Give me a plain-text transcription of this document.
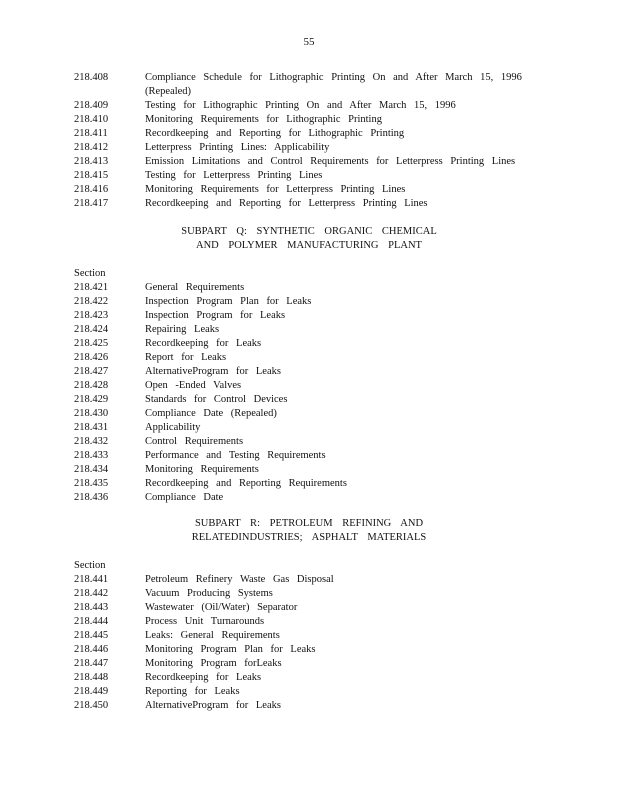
55
218.408	Compliance Schedule for Lithographic Printing On and After March 15, 1996
(Repealed)
218.409	Testing for Lithographic Printing On and After March 15, 1996
218.410	Monitoring Requirements for Lithographic Printing
218.411	Recordkeeping and Reporting for Lithographic Printing
218.412	Letterpress Printing Lines: Applicability
218.413	Emission Limitations and Control Requirements for Letterpress Printing Lines
218.415	Testing for Letterpress Printing Lines
218.416	Monitoring Requirements for Letterpress Printing Lines
218.417	Recordkeeping and Reporting for Letterpress Printing Lines
SUBPART Q: SYNTHETIC ORGANIC CHEMICAL
AND POLYMER MANUFACTURING PLANT
Section
218.421	General Requirements
218.422	Inspection Program Plan for Leaks
218.423	Inspection Program for Leaks
218.424	Repairing Leaks
218.425	Recordkeeping for Leaks
218.426	Report for Leaks
218.427	AlternativeProgram for Leaks
218.428	Open -Ended Valves
218.429	Standards for Control Devices
218.430	Compliance Date (Repealed)
218.431	Applicability
218.432	Control Requirements
218.433	Performance and Testing Requirements
218.434	Monitoring Requirements
218.435	Recordkeeping and Reporting Requirements
218.436	Compliance Date
SUBPART R: PETROLEUM REFINING AND
RELATEDINDUSTRIES; ASPHALT MATERIALS
Section
218.441	Petroleum Refinery Waste Gas Disposal
218.442	Vacuum Producing Systems
218.443	Wastewater (Oil/Water) Separator
218.444	Process Unit Turnarounds
218.445	Leaks: General Requirements
218.446	Monitoring Program Plan for Leaks
218.447	Monitoring Program forLeaks
218.448	Recordkeeping for Leaks
218.449	Reporting for Leaks
218.450	AlternativeProgram for Leaks
